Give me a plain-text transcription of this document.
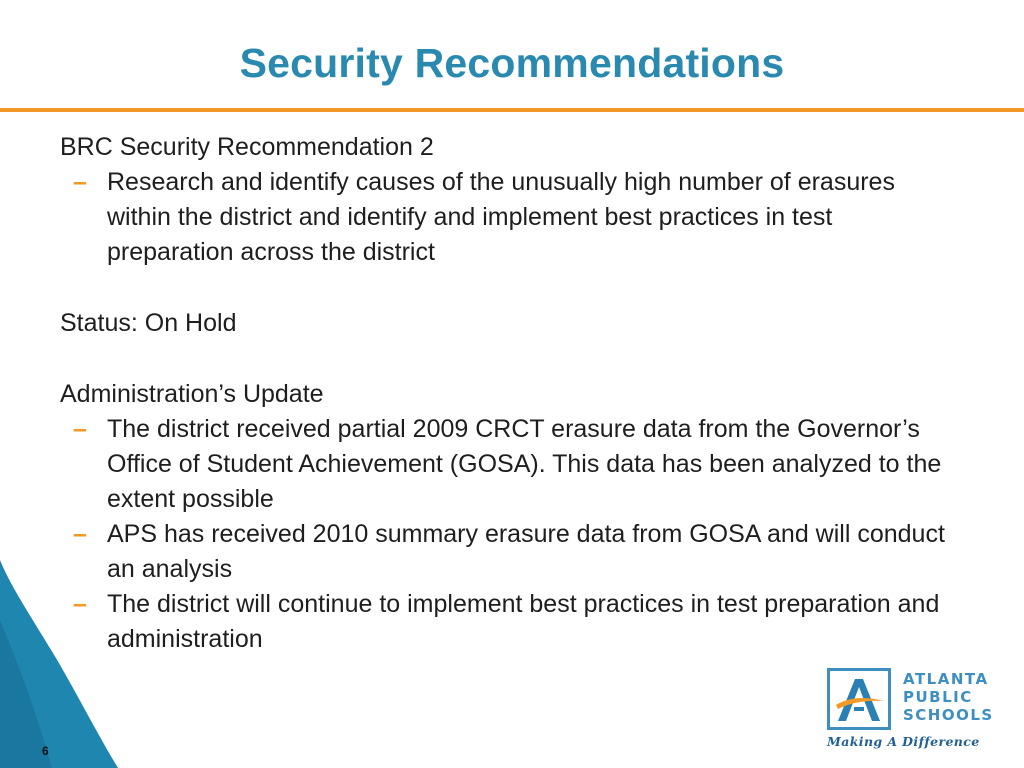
Security Recommendations

BRC Security Recommendation 2

– Research and identify causes of the unusually high number of erasures within the district and identify and implement best practices in test preparation across the district

Status: On Hold

Administration’s Update

– The district received partial 2009 CRCT erasure data from the Governor’s Office of Student Achievement (GOSA). This data has been analyzed to the extent possible

– APS has received 2010 summary erasure data from GOSA and will conduct an analysis

– The district will continue to implement best practices in test preparation and administration

6
ATLANTA
PUBLIC
SCHOOLS
Making A Difference
